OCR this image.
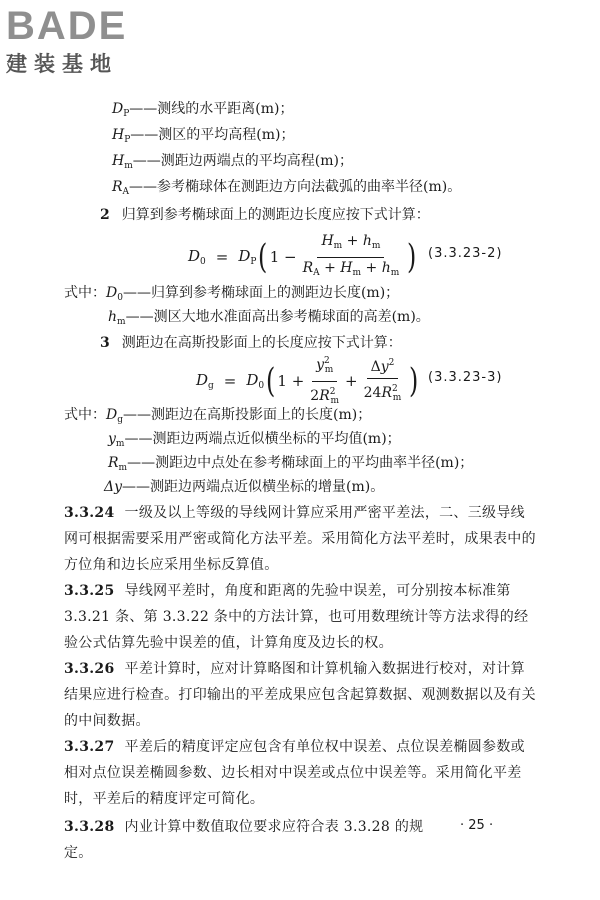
BADE
建装基地
$D_P——$测线的水平距离(m)；
$H_P——$测区的平均高程(m)；
$H_m——$测距边两端点的平均高程(m)；
$R_A——$参考椭球体在测距边方向法截弧的曲率半径(m)。
2 归算到参考椭球面上的测距边长度应按下式计算：
$D_0 = D_P$ ( $1 - \frac{H_m + h_m}{R_A + H_m + h_m}$ ) (3.3.23-2)
式中：$D_0——$归算到参考椭球面上的测距边长度(m)；
$h_m——$测区大地水准面高出参考椭球面的高差(m)。
3 测距边在高斯投影面上的长度应按下式计算：
$D_g = D_0$ ( $1 + \frac{y^2_m}{2R^2_m} + \frac{\Delta y^2}{24R^2_m}$ ) (3.3.23-3)
式中：$D_g——$测距边在高斯投影面上的长度(m)；
$y_m——$测距边两端点近似横坐标的平均值(m)；
$R_m——$测距边中点处在参考椭球面上的平均曲率半径(m)；
Δy——测距边两端点近似横坐标的增量(m)。
3.3.24 一级及以上等级的导线网计算应采用严密平差法，二、三级导线网可根据需要采用严密或简化方法平差。采用简化方法平差时，成果表中的方位角和边长应采用坐标反算值。
3.3.25 导线网平差时，角度和距离的先验中误差，可分别按本标准第 3.3.21 条、第 3.3.22 条中的方法计算，也可用数理统计等方法求得的经验公式估算先验中误差的值，计算角度及边长的权。
3.3.26 平差计算时，应对计算略图和计算机输入数据进行校对，对计算结果应进行检查。打印输出的平差成果应包含起算数据、观测数据以及有关的中间数据。
3.3.27 平差后的精度评定应包含有单位权中误差、点位误差椭圆参数或相对点位误差椭圆参数、边长相对中误差或点位中误差等。采用简化平差时，平差后的精度评定可简化。
3.3.28 内业计算中数值取位要求应符合表 3.3.28 的规定。
· 25 ·
